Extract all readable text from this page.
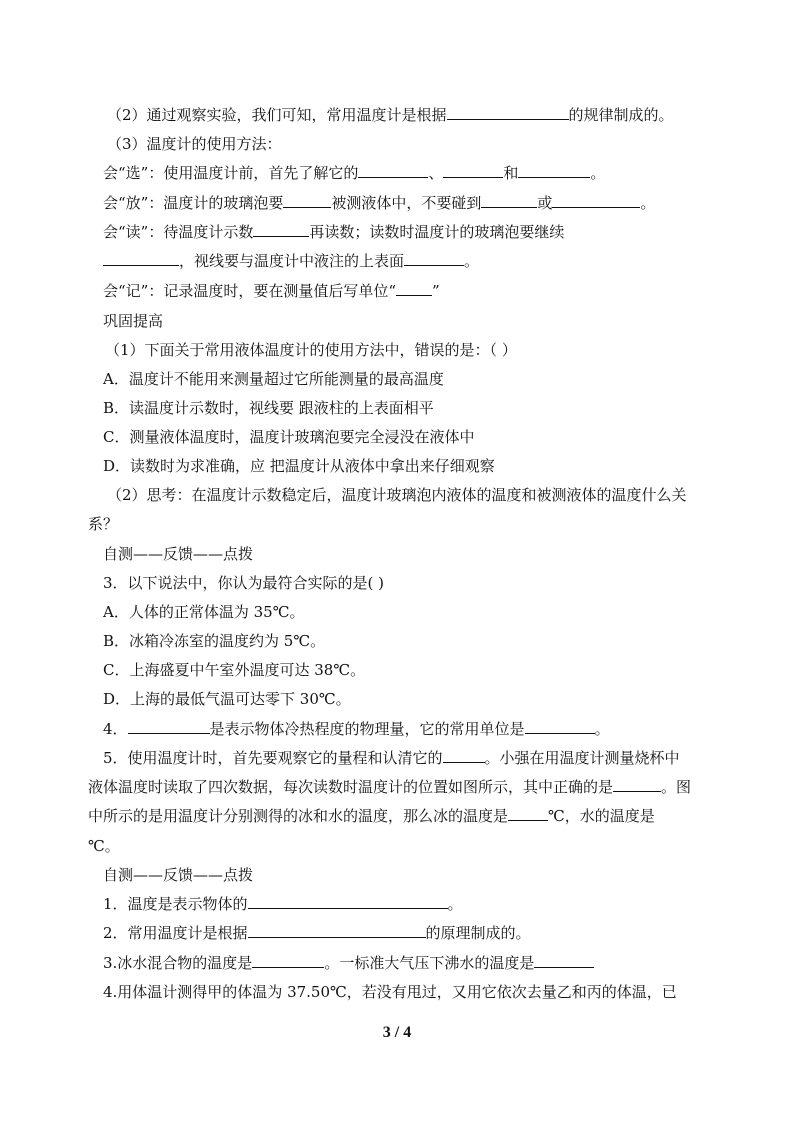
（2）通过观察实验，我们可知，常用温度计是根据	的规律制成的。
（3）温度计的使用方法：
会“选”：使用温度计前，首先了解它的	、	和	。
会“放”：温度计的玻璃泡要	被测液体中，不要碰到	或	。
会“读”：待温度计示数	再读数；读数时温度计的玻璃泡要继续
，视线要与温度计中液注的上表面	。
会“记”：记录温度时，要在测量值后写单位“ ”
巩固提高
（1）下面关于常用液体温度计的使用方法中，错误的是：（ ）
A．温度计不能用来测量超过它所能测量的最高温度
B．读温度计示数时，视线要 跟液柱的上表面相平
C．测量液体温度时，温度计玻璃泡要完全浸没在液体中
D．读数时为求准确，应 把温度计从液体中拿出来仔细观察
（2）思考：在温度计示数稳定后，温度计玻璃泡内液体的温度和被测液体的温度什么关
系？
自测——反馈——点拨
3．以下说法中，你认为最符合实际的是( )
A．人体的正常体温为 35℃。
B．冰箱冷冻室的温度约为 5℃。
C．上海盛夏中午室外温度可达 38℃。
D．上海的最低气温可达零下 30℃。
4．	是表示物体冷热程度的物理量，它的常用单位是	。
5．使用温度计时，首先要观察它的量程和认清它的	。小强在用温度计测量烧杯中
液体温度时读取了四次数据，每次读数时温度计的位置如图所示，其中正确的是	。图
中所示的是用温度计分别测得的冰和水的温度，那么冰的温度是	℃，水的温度是
℃。
自测——反馈——点拨
1．温度是表示物体的	。
2．常用温度计是根据	的原理制成的。
3.冰水混合物的温度是	。一标准大气压下沸水的温度是
4.用体温计测得甲的体温为 37.50℃，若没有甩过，又用它依次去量乙和丙的体温，已
3 / 4
